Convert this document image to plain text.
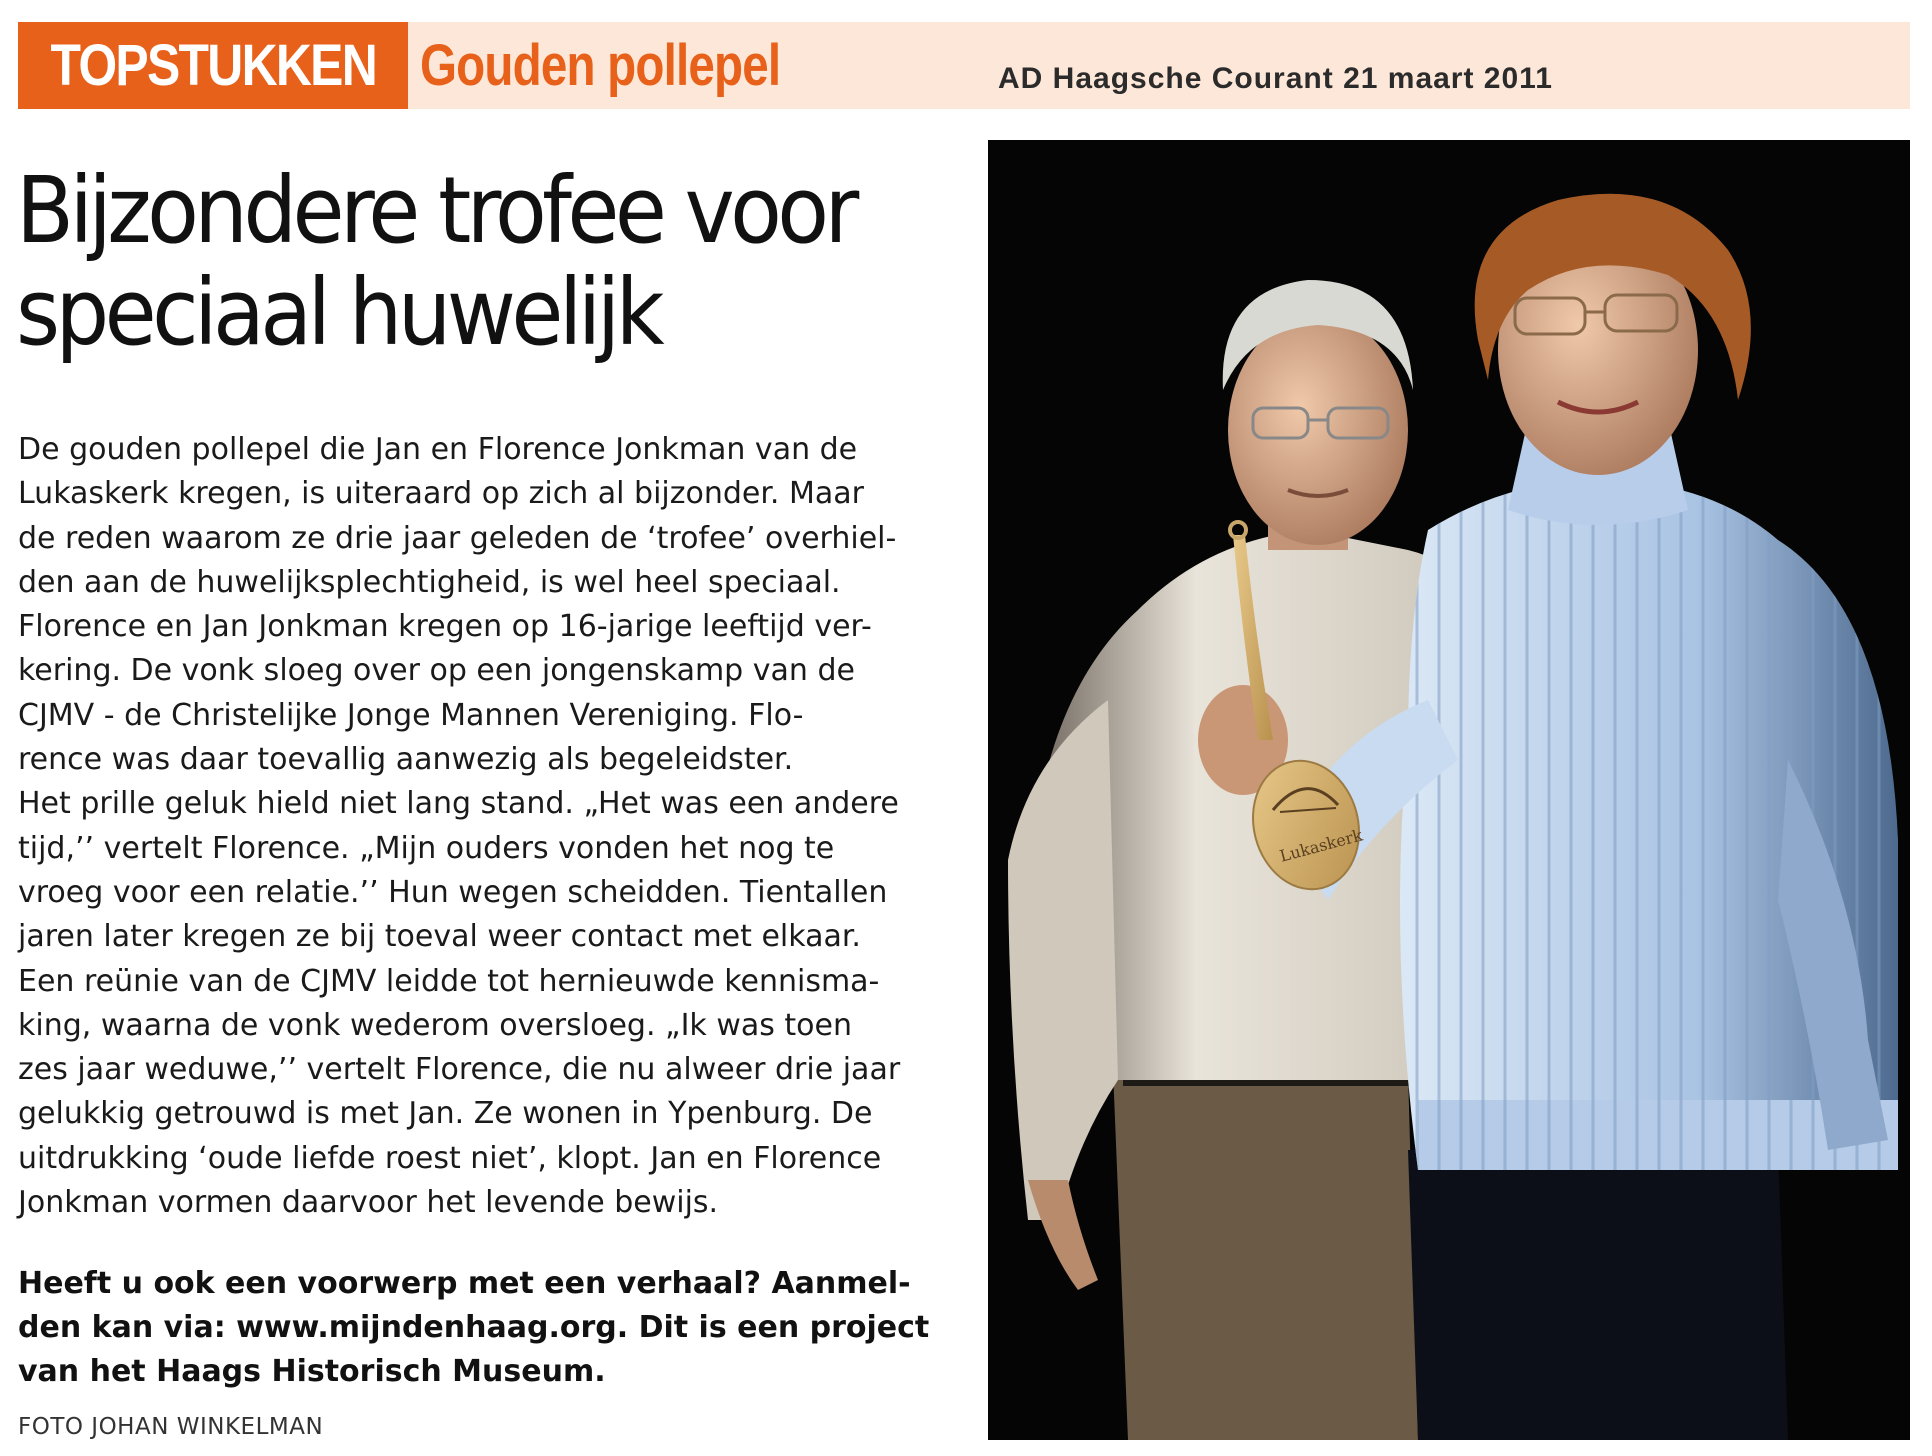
TOPSTUKKEN Gouden pollepel	AD Haagsche Courant 21 maart 2011
Bijzondere trofee voor
speciaal huwelijk
De gouden pollepel die Jan en Florence Jonkman van de
Lukaskerk kregen, is uiteraard op zich al bijzonder. Maar
de reden waarom ze drie jaar geleden de ‘trofee’ overhiel-
den aan de huwelijksplechtigheid, is wel heel speciaal.
Florence en Jan Jonkman kregen op 16-jarige leeftijd ver-
kering. De vonk sloeg over op een jongenskamp van de
CJMV - de Christelijke Jonge Mannen Vereniging. Flo-
rence was daar toevallig aanwezig als begeleidster.
Het prille geluk hield niet lang stand. „Het was een andere
tijd,’’ vertelt Florence. „Mijn ouders vonden het nog te
vroeg voor een relatie.’’ Hun wegen scheidden. Tientallen
jaren later kregen ze bij toeval weer contact met elkaar.
Een reünie van de CJMV leidde tot hernieuwde kennisma-
king, waarna de vonk wederom oversloeg. „Ik was toen
zes jaar weduwe,’’ vertelt Florence, die nu alweer drie jaar
gelukkig getrouwd is met Jan. Ze wonen in Ypenburg. De
uitdrukking ‘oude liefde roest niet’, klopt. Jan en Florence
Jonkman vormen daarvoor het levende bewijs.
Heeft u ook een voorwerp met een verhaal? Aanmel-
den kan via: www.mijndenhaag.org. Dit is een project
van het Haags Historisch Museum.
FOTO JOHAN WINKELMAN
Lukaskerk
